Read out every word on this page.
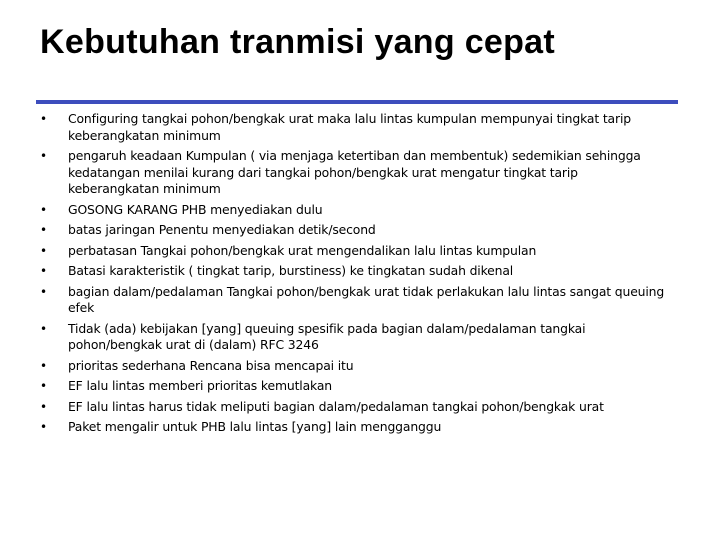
Kebutuhan tranmisi yang cepat
• Configuring tangkai pohon/bengkak urat maka lalu lintas kumpulan mempunyai tingkat tarip keberangkatan minimum
• pengaruh keadaan Kumpulan ( via menjaga ketertiban dan membentuk) sedemikian sehingga kedatangan menilai kurang dari tangkai pohon/bengkak urat mengatur tingkat tarip keberangkatan minimum
• GOSONG KARANG PHB menyediakan dulu
• batas jaringan Penentu menyediakan detik/second
• perbatasan Tangkai pohon/bengkak urat mengendalikan lalu lintas kumpulan
• Batasi karakteristik ( tingkat tarip, burstiness) ke tingkatan sudah dikenal
• bagian dalam/pedalaman Tangkai pohon/bengkak urat tidak perlakukan lalu lintas sangat queuing efek
• Tidak (ada) kebijakan [yang] queuing spesifik pada bagian dalam/pedalaman tangkai pohon/bengkak urat di (dalam) RFC 3246
• prioritas sederhana Rencana bisa mencapai itu
• EF lalu lintas memberi prioritas kemutlakan
• EF lalu lintas harus tidak meliputi bagian dalam/pedalaman tangkai pohon/bengkak urat
• Paket mengalir untuk PHB lalu lintas [yang] lain mengganggu
